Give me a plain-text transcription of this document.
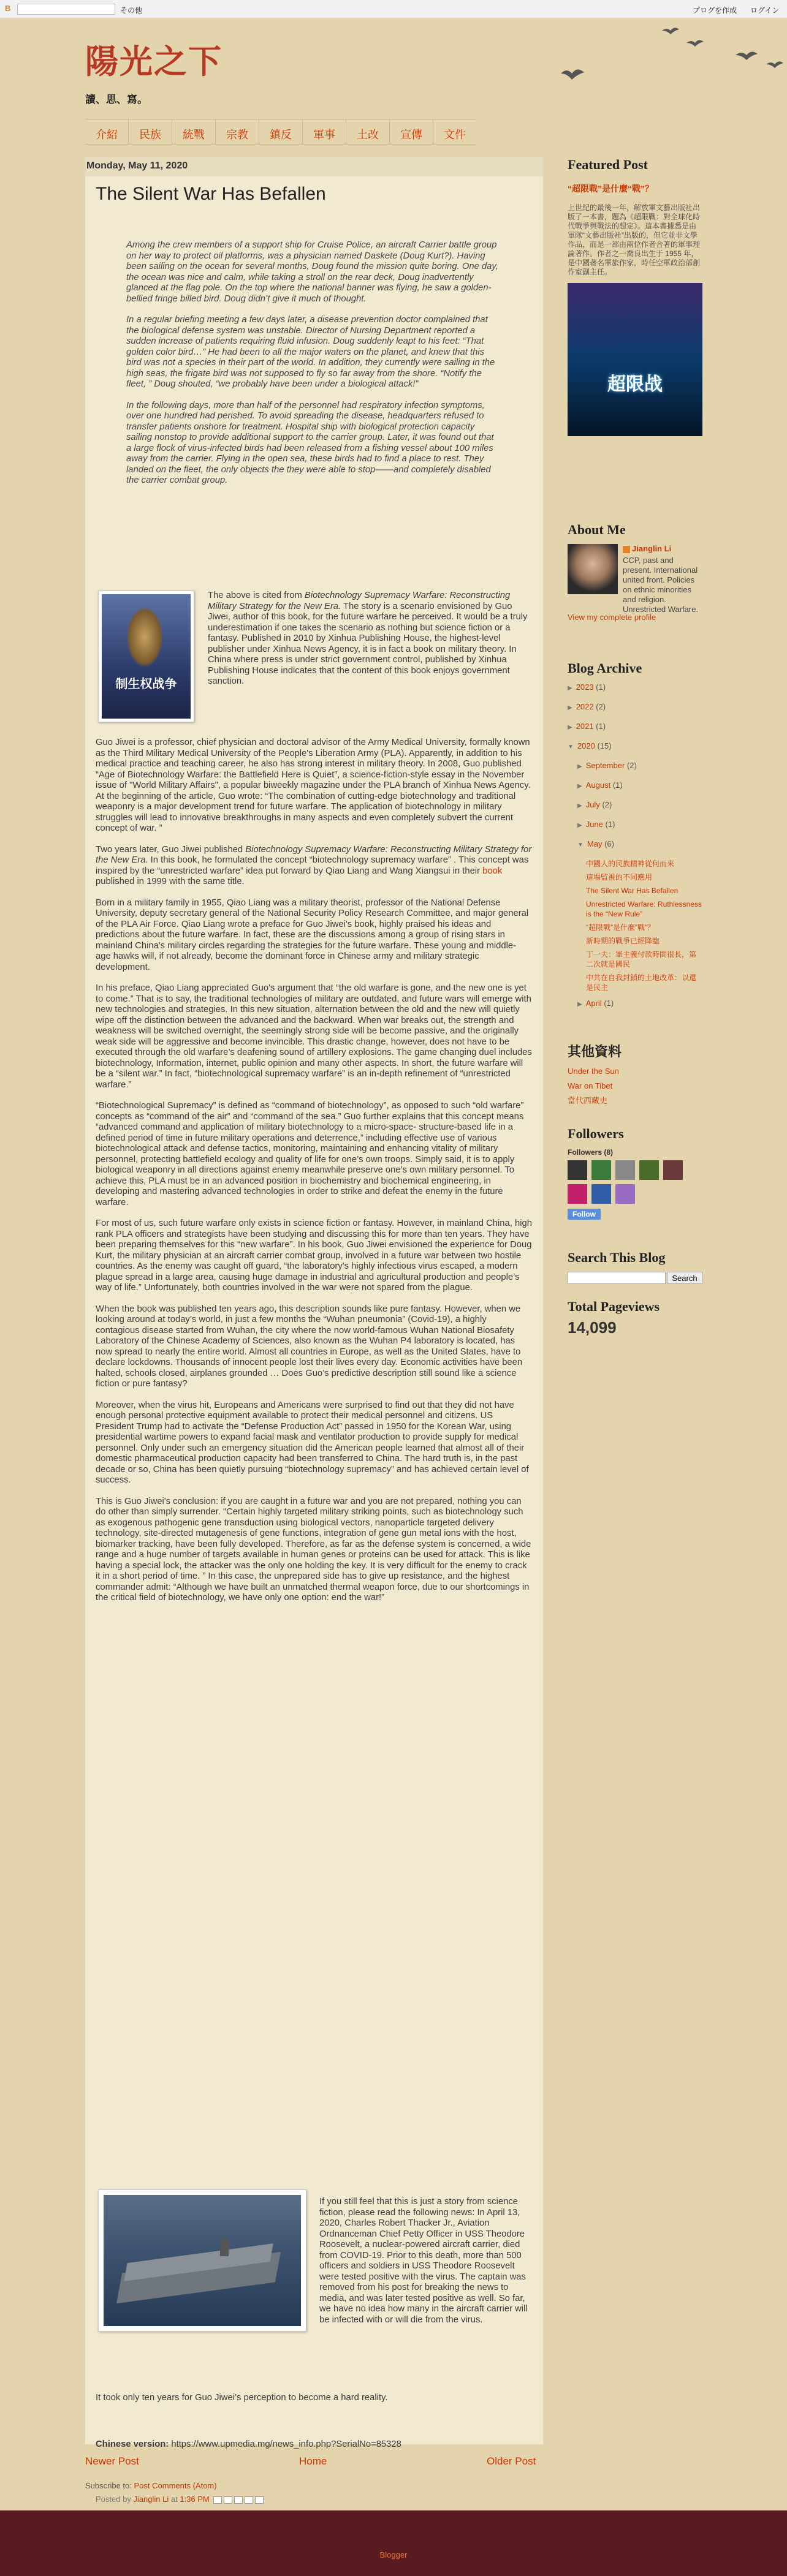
B	その他	ブログを作成 ログイン
陽光之下
讀、思、寫。
介紹	民族	統戰	宗教	鎮反	軍事	土改	宣傳	文件
Monday, May 11, 2020
The Silent War Has Befallen

Among the crew members of a support ship for Cruise Police, an aircraft Carrier battle group on her way to protect oil platforms, was a physician named Daskete (Doug Kurt?). Having been sailing on the ocean for several months, Doug found the mission quite boring. One day, the ocean was nice and calm, while taking a stroll on the rear deck, Doug inadvertently glanced at the flag pole. On the top where the national banner was flying, he saw a golden-bellied fringe billed bird. Doug didn’t give it much of thought.

In a regular briefing meeting a few days later, a disease prevention doctor complained that the biological defense system was unstable. Director of Nursing Department reported a sudden increase of patients requiring fluid infusion. Doug suddenly leapt to his feet: “That golden color bird…” He had been to all the major waters on the planet, and knew that this bird was not a species in their part of the world. In addition, they currently were sailing in the high seas, the frigate bird was not supposed to fly so far away from the shore. “Notify the fleet, ” Doug shouted, “we probably have been under a biological attack!”

In the following days, more than half of the personnel had respiratory infection symptoms, over one hundred had perished. To avoid spreading the disease, headquarters refused to transfer patients onshore for treatment. Hospital ship with biological protection capacity sailing nonstop to provide additional support to the carrier group. Later, it was found out that a large flock of virus-infected birds had been released from a fishing vessel about 100 miles away from the carrier. Flying in the open sea, these birds had to find a place to rest. They landed on the fleet, the only objects the they were able to stop——and completely disabled the carrier combat group.

制生权战争
The above is cited from Biotechnology Supremacy Warfare: Reconstructing Military Strategy for the New Era. The story is a scenario envisioned by Guo Jiwei, author of this book, for the future warfare he perceived. It would be a truly underestimation if one takes the scenario as nothing but science fiction or a fantasy. Published in 2010 by Xinhua Publishing House, the highest-level publisher under Xinhua News Agency, it is in fact a book on military theory. In China where press is under strict government control, published by Xinhua Publishing House indicates that the content of this book enjoys government sanction.

Guo Jiwei is a professor, chief physician and doctoral advisor of the Army Medical University, formally known as the Third Military Medical University of the People's Liberation Army (PLA). Apparently, in addition to his medical practice and teaching career, he also has strong interest in military theory. In 2008, Guo published “Age of Biotechnology Warfare: the Battlefield Here is Quiet”, a science-fiction-style essay in the November issue of "World Military Affairs", a popular biweekly magazine under the PLA branch of Xinhua News Agency. At the beginning of the article, Guo wrote: “The combination of cutting-edge biotechnology and traditional weaponry is a major development trend for future warfare. The application of biotechnology in military struggles will lead to innovative breakthroughs in many aspects and even completely subvert the current concept of war. ”

Two years later, Guo Jiwei published Biotechnology Supremacy Warfare: Reconstructing Military Strategy for the New Era. In this book, he formulated the concept “biotechnology supremacy warfare” . This concept was inspired by the “unrestricted warfare” idea put forward by Qiao Liang and Wang Xiangsui in their book published in 1999 with the same title.

Born in a military family in 1955, Qiao Liang was a military theorist, professor of the National Defense University, deputy secretary general of the National Security Policy Research Committee, and major general of the PLA Air Force. Qiao Liang wrote a preface for Guo Jiwei's book, highly praised his ideas and predictions about the future warfare. In fact, these are the discussions among a group of rising stars in mainland China's military circles regarding the strategies for the future warfare. These young and middle- age hawks will, if not already, become the dominant force in Chinese army and military strategic development.

In his preface, Qiao Liang appreciated Guo's argument that “the old warfare is gone, and the new one is yet to come.” That is to say, the traditional technologies of military are outdated, and future wars will emerge with new technologies and strategies. In this new situation, alternation between the old and the new will quietly wipe off the distinction between the advanced and the backward. When war breaks out, the strength and weakness will be switched overnight, the seemingly strong side will be become passive, and the originally weak side will be aggressive and become invincible. This drastic change, however, does not have to be executed through the old warfare’s deafening sound of artillery explosions. The game changing duel includes biotechnology, Information, internet, public opinion and many other aspects. In short, the future warfare will be a “silent war.” In fact, “biotechnological supremacy warfare” is an in-depth refinement of “unrestricted warfare.”

“Biotechnological Supremacy” is defined as “command of biotechnology”, as opposed to such “old warfare” concepts as “command of the air” and “command of the sea.” Guo further explains that this concept means “advanced command and application of military biotechnology to a micro-space- structure-based life in a defined period of time in future military operations and deterrence,” including effective use of various biotechnological attack and defense tactics, monitoring, maintaining and enhancing vitality of military personnel, protecting battlefield ecology and quality of life for one’s own troops. Simply said, it is to apply biological weaponry in all directions against enemy meanwhile preserve one’s own military personnel. To achieve this, PLA must be in an advanced position in biochemistry and biochemical engineering, in developing and mastering advanced technologies in order to strike and defeat the enemy in the future warfare.

For most of us, such future warfare only exists in science fiction or fantasy. However, in mainland China, high rank PLA officers and strategists have been studying and discussing this for more than ten years. They have been preparing themselves for this “new warfare”. In his book, Guo Jiwei envisioned the experience for Doug Kurt, the military physician at an aircraft carrier combat group, involved in a future war between two hostile countries. As the enemy was caught off guard, “the laboratory's highly infectious virus escaped, a modern plague spread in a large area, causing huge damage in industrial and agricultural production and people’s way of life.” Unfortunately, both countries involved in the war were not spared from the plague.

When the book was published ten years ago, this description sounds like pure fantasy. However, when we looking around at today’s world, in just a few months the “Wuhan pneumonia” (Covid-19), a highly contagious disease started from Wuhan, the city where the now world-famous Wuhan National Biosafety Laboratory of the Chinese Academy of Sciences, also known as the Wuhan P4 laboratory is located, has now spread to nearly the entire world. Almost all countries in Europe, as well as the United States, have to declare lockdowns. Thousands of innocent people lost their lives every day. Economic activities have been halted, schools closed, airplanes grounded … Does Guo’s predictive description still sound like a science fiction or pure fantasy?

Moreover, when the virus hit, Europeans and Americans were surprised to find out that they did not have enough personal protective equipment available to protect their medical personnel and citizens. US President Trump had to activate the “Defense Production Act” passed in 1950 for the Korean War, using presidential wartime powers to expand facial mask and ventilator production to provide supply for medical personnel. Only under such an emergency situation did the American people learned that almost all of their domestic pharmaceutical production capacity had been transferred to China. The hard truth is, in the past decade or so, China has been quietly pursuing “biotechnology supremacy” and has achieved certain level of success.

This is Guo Jiwei's conclusion: if you are caught in a future war and you are not prepared, nothing you can do other than simply surrender. “Certain highly targeted military striking points, such as biotechnology such as exogenous pathogenic gene transduction using biological vectors, nanoparticle targeted delivery technology, site-directed mutagenesis of gene functions, integration of gene gun metal ions with the host, biomarker tracking, have been fully developed. Therefore, as far as the defense system is concerned, a wide range and a huge number of targets available in human genes or proteins can be used for attack. This is like having a special lock, the attacker was the only one holding the key. It is very difficult for the enemy to crack it in a short period of time. ” In this case, the unprepared side has to give up resistance, and the highest commander admit: “Although we have built an unmatched thermal weapon force, due to our shortcomings in the critical field of biotechnology, we have only one option: end the war!”

If you still feel that this is just a story from science fiction, please read the following news: In April 13, 2020, Charles Robert Thacker Jr., Aviation Ordnanceman Chief Petty Officer in USS Theodore Roosevelt, a nuclear-powered aircraft carrier, died from COVID-19. Prior to this death, more than 500 officers and soldiers in USS Theodore Roosevelt were tested positive with the virus. The captain was removed from his post for breaking the news to media, and was later tested positive as well. So far, we have no idea how many in the aircraft carrier will be infected with or will die from the virus.

It took only ten years for Guo Jiwei’s perception to become a hard reality.

Chinese version: https://www.upmedia.mg/news_info.php?SerialNo=85328
Posted by Jianglin Li at 1:36 PM
Newer Post	Home	Older Post
Subscribe to: Post Comments (Atom)
Blogger
Featured Post
“超限戰”是什麼“戰”？
上世紀的最後一年，解放軍文藝出版社出版了一本書，題為《超限戰：對全球化時代戰爭與戰法的想定》。這本書據悉是由軍隊“文藝出版社”出版的，但它並非文學作品，而是一部由兩位作者合著的軍事理論著作。作者之一喬良出生于 1955 年，是中國著名軍旅作家，時任空軍政治部創作室副主任。
超限战
About Me
Jianglin Li
CCP, past and present. International united front. Policies on ethnic minorities and religion. Unrestricted Warfare.
View my complete profile
Blog Archive
▶ 2023 (1)
▶ 2022 (2)
▶ 2021 (1)
▼ 2020 (15)
▶ September (2)
▶ August (1)
▶ July (2)
▶ June (1)
▼ May (6)
中國人的民族精神從何而來
這場監視的不同應用
The Silent War Has Befallen
Unrestricted Warfare: Ruthlessness is the “New Rule”
“超限戰”是什麼“戰”？
新時期的戰爭已經降臨
丁一夫：軍主義付款時間很長，第二次就是國民
中共在自我封鎖的土地改革：以還是民主
▶ April (1)
其他資料
Under the Sun
War on Tibet
當代西藏史
Followers
Followers (8)
Follow
Search This Blog
Search
Total Pageviews
14,099
